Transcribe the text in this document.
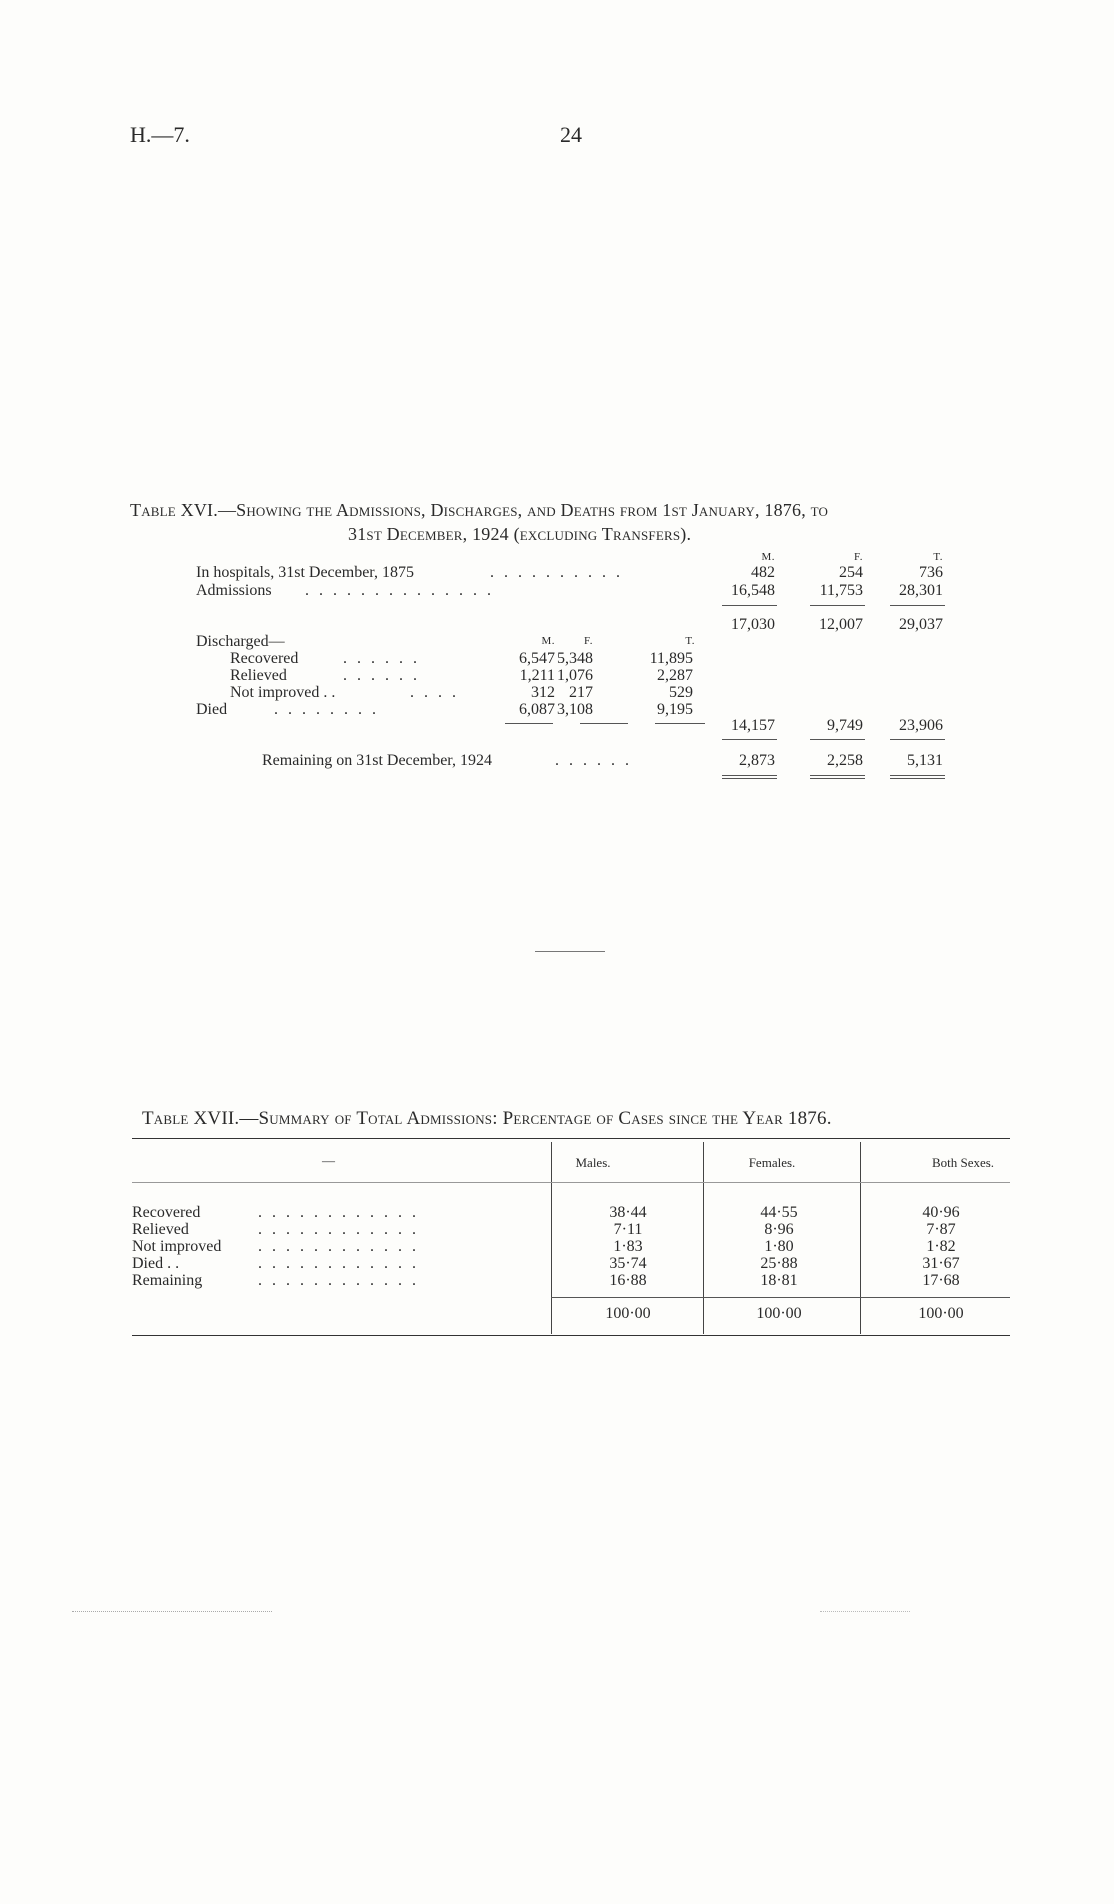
H.—7.	24
Table XVI.—Showing the Admissions, Discharges, and Deaths from 1st January, 1876, to
31st December, 1924 (excluding Transfers).
M.	F.	T.
In hospitals, 31st December, 1875	. . . . . . . . . .	482	254	736
Admissions . . . . . . . . . . . . . .	16,548	11,753	28,301
17,030	12,007	29,037
Discharged—	M.	F.	T.
Recovered	. . . . . .	6,547 5,348	11,895
Relieved	. . . . . .	1,211 1,076	2,287
Not improved . .	. . . .	312 217	529
Died	. . . . . . . .	6,087 3,108	9,195
14,157	9,749	23,906
Remaining on 31st December, 1924	. . . . . .	2,873	2,258	5,131
Table XVII.—Summary of Total Admissions: Percentage of Cases since the Year 1876.
—	Males.	Females.	Both Sexes.
Recovered	. . . . . . . . . . . .	38·44	44·55	40·96
Relieved	. . . . . . . . . . . .	7·11	8·96	7·87
Not improved . . . . . . . . . . . .	1·83	1·80	1·82
Died . .	. . . . . . . . . . . .	35·74	25·88	31·67
Remaining	. . . . . . . . . . . .	16·88	18·81	17·68
100·00	100·00	100·00
